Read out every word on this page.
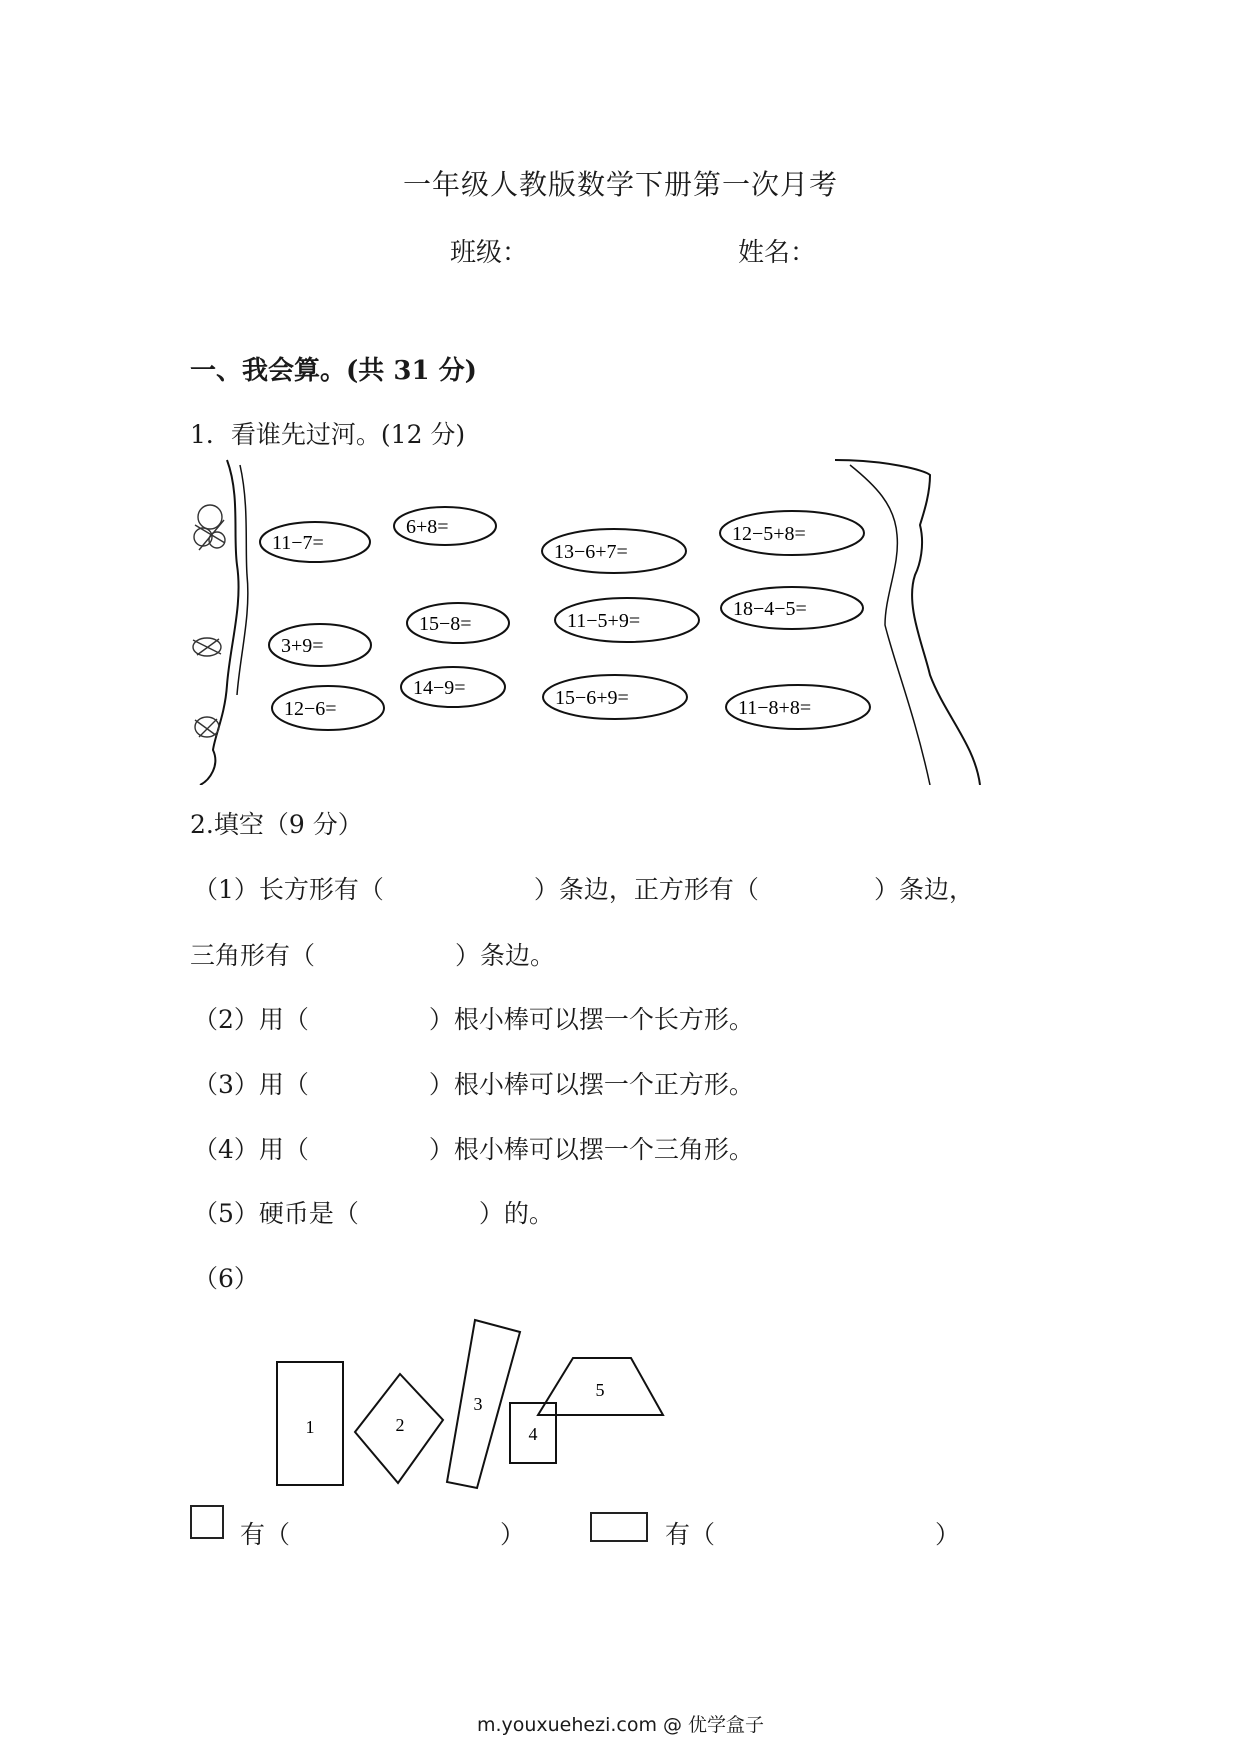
一年级人教版数学下册第一次月考
班级：	姓名：
一、我会算。(共 31 分)
1．看谁先过河。(12 分)
11−7=
6+8=
13−6+7=
12−5+8=
3+9=
15−8=	11−5+9=
18−4−5=
12−6=
14−9=	15−6+9=	11−8+8=
2.填空（9 分）
（1）长方形有（	）条边，正方形有（	）条边，
三角形有（	）条边。
（2）用（	）根小棒可以摆一个长方形。
（3）用（	）根小棒可以摆一个正方形。
（4）用（	）根小棒可以摆一个三角形。
（5）硬币是（	）的。
（6）
1	2
3
4
5
有（	）	有（	）
m.youxuehezi.com @ 优学盒子
